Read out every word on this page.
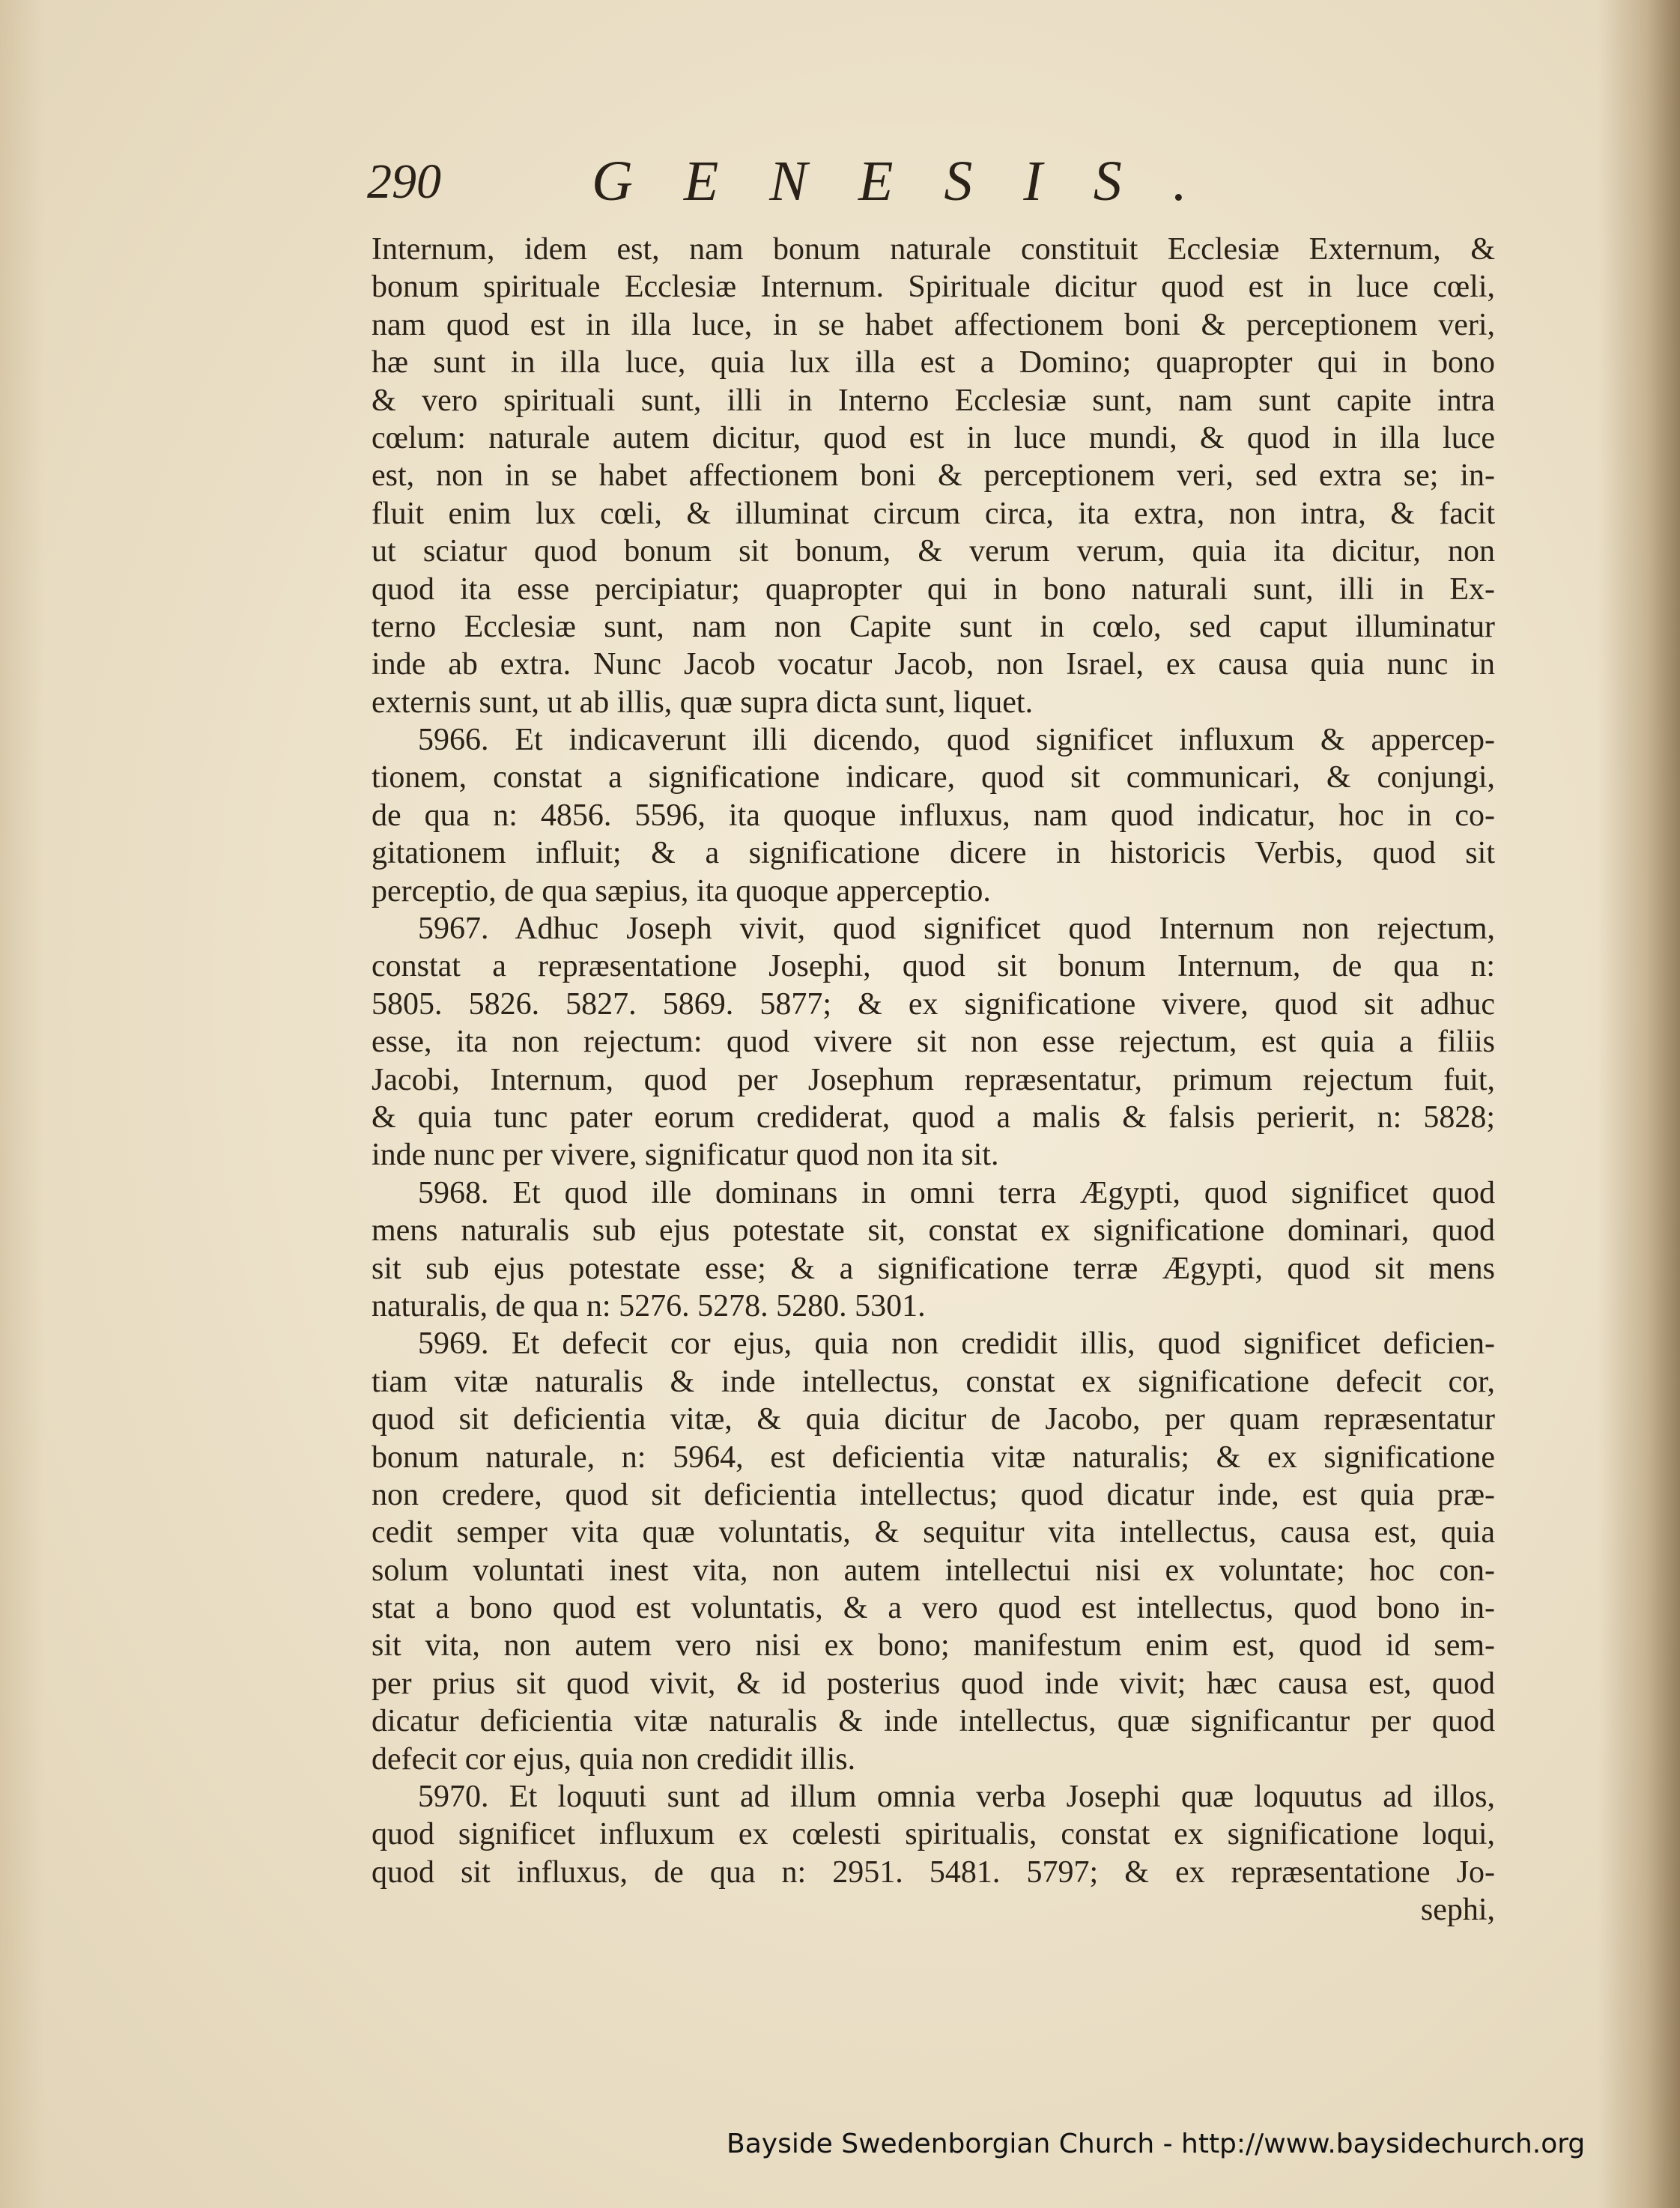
290	GENESIS.
Internum, idem est, nam bonum naturale constituit Ecclesiæ Externum, &
bonum spirituale Ecclesiæ Internum. Spirituale dicitur quod est in luce cœli,
nam quod est in illa luce, in se habet affectionem boni & perceptionem veri,
hæ sunt in illa luce, quia lux illa est a Domino; quapropter qui in bono
& vero spirituali sunt, illi in Interno Ecclesiæ sunt, nam sunt capite intra
cœlum: naturale autem dicitur, quod est in luce mundi, & quod in illa luce
est, non in se habet affectionem boni & perceptionem veri, sed extra se; in-
fluit enim lux cœli, & illuminat circum circa, ita extra, non intra, & facit
ut sciatur quod bonum sit bonum, & verum verum, quia ita dicitur, non
quod ita esse percipiatur; quapropter qui in bono naturali sunt, illi in Ex-
terno Ecclesiæ sunt, nam non Capite sunt in cœlo, sed caput illuminatur
inde ab extra. Nunc Jacob vocatur Jacob, non Israel, ex causa quia nunc in
externis sunt, ut ab illis, quæ supra dicta sunt, liquet.
5966. Et indicaverunt illi dicendo, quod significet influxum & appercep-
tionem, constat a significatione indicare, quod sit communicari, & conjungi,
de qua n: 4856. 5596, ita quoque influxus, nam quod indicatur, hoc in co-
gitationem influit; & a significatione dicere in historicis Verbis, quod sit
perceptio, de qua sæpius, ita quoque apperceptio.
5967. Adhuc Joseph vivit, quod significet quod Internum non rejectum,
constat a repræsentatione Josephi, quod sit bonum Internum, de qua n:
5805. 5826. 5827. 5869. 5877; & ex significatione vivere, quod sit adhuc
esse, ita non rejectum: quod vivere sit non esse rejectum, est quia a filiis
Jacobi, Internum, quod per Josephum repræsentatur, primum rejectum fuit,
& quia tunc pater eorum crediderat, quod a malis & falsis perierit, n: 5828;
inde nunc per vivere, significatur quod non ita sit.
5968. Et quod ille dominans in omni terra Ægypti, quod significet quod
mens naturalis sub ejus potestate sit, constat ex significatione dominari, quod
sit sub ejus potestate esse; & a significatione terræ Ægypti, quod sit mens
naturalis, de qua n: 5276. 5278. 5280. 5301.
5969. Et defecit cor ejus, quia non credidit illis, quod significet deficien-
tiam vitæ naturalis & inde intellectus, constat ex significatione defecit cor,
quod sit deficientia vitæ, & quia dicitur de Jacobo, per quam repræsentatur
bonum naturale, n: 5964, est deficientia vitæ naturalis; & ex significatione
non credere, quod sit deficientia intellectus; quod dicatur inde, est quia præ-
cedit semper vita quæ voluntatis, & sequitur vita intellectus, causa est, quia
solum voluntati inest vita, non autem intellectui nisi ex voluntate; hoc con-
stat a bono quod est voluntatis, & a vero quod est intellectus, quod bono in-
sit vita, non autem vero nisi ex bono; manifestum enim est, quod id sem-
per prius sit quod vivit, & id posterius quod inde vivit; hæc causa est, quod
dicatur deficientia vitæ naturalis & inde intellectus, quæ significantur per quod
defecit cor ejus, quia non credidit illis.
5970. Et loquuti sunt ad illum omnia verba Josephi quæ loquutus ad illos,
quod significet influxum ex cœlesti spiritualis, constat ex significatione loqui,
quod sit influxus, de qua n: 2951. 5481. 5797; & ex repræsentatione Jo-
sephi,
Bayside Swedenborgian Church - http://www.baysidechurch.org
